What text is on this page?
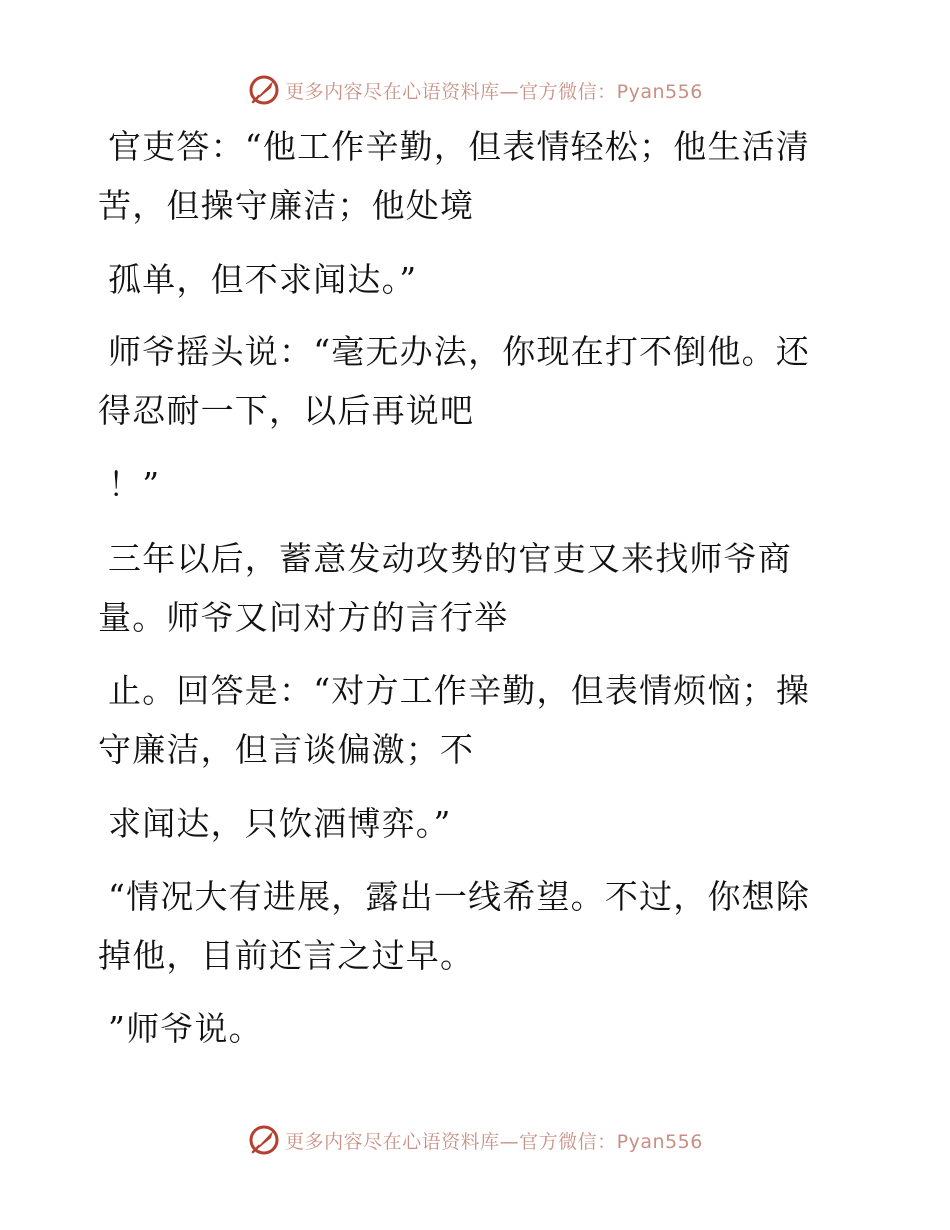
更多内容尽在心语资料库—官方微信：Pyan556
官吏答：“他工作辛勤，但表情轻松；他生活清
苦，但操守廉洁；他处境
孤单，但不求闻达。”
师爷摇头说：“毫无办法，你现在打不倒他。还
得忍耐一下，以后再说吧
！”
三年以后，蓄意发动攻势的官吏又来找师爷商
量。师爷又问对方的言行举
止。回答是：“对方工作辛勤，但表情烦恼；操
守廉洁，但言谈偏激；不
求闻达，只饮酒博弈。”
“情况大有进展，露出一线希望。不过，你想除
掉他，目前还言之过早。
”师爷说。
更多内容尽在心语资料库—官方微信：Pyan556
